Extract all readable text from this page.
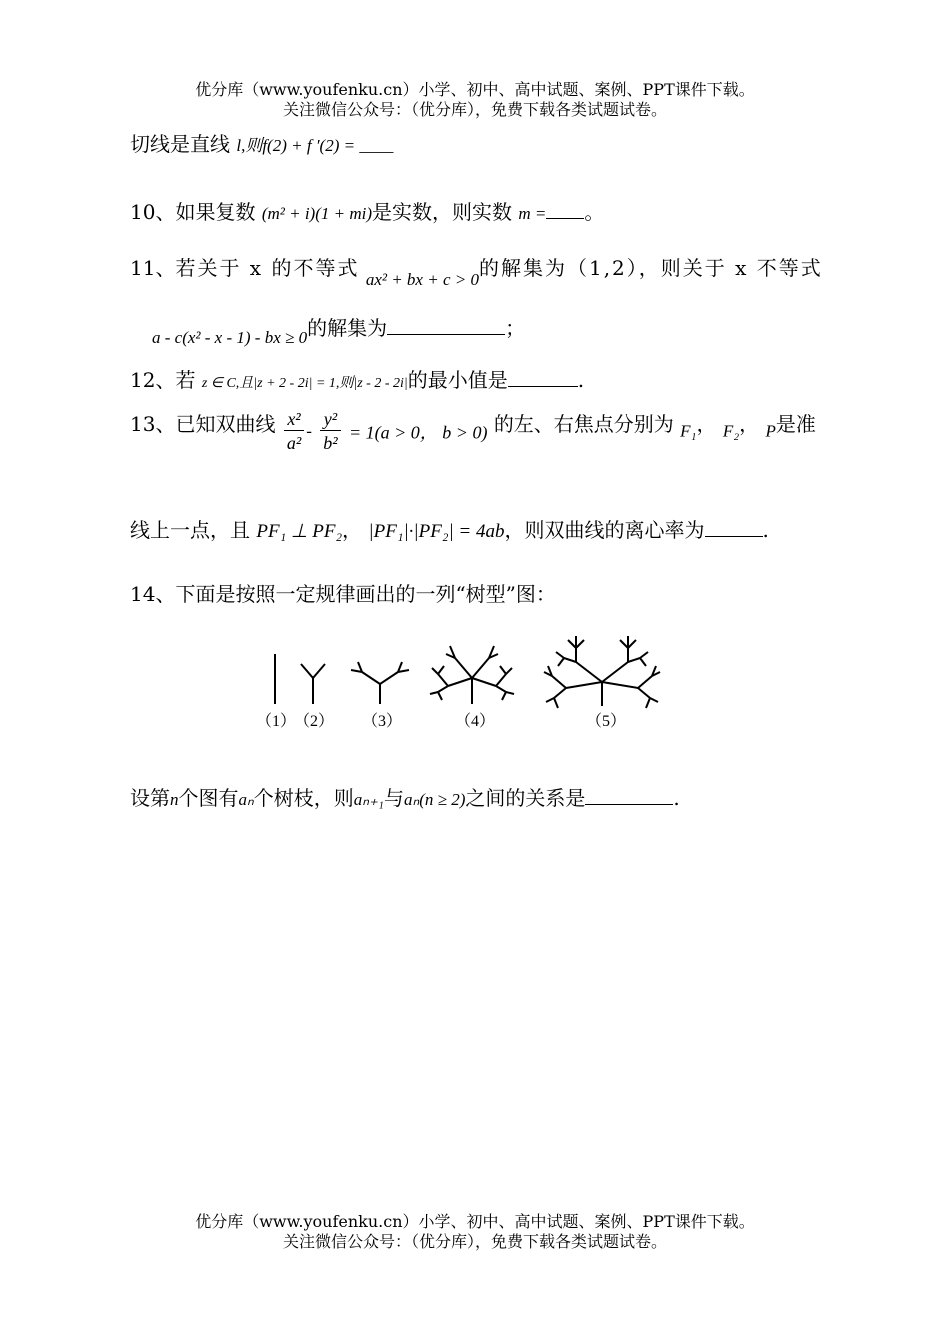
优分库（www.youfenku.cn）小学、初中、高中试题、案例、PPT课件下载。
关注微信公众号：（优分库），免费下载各类试题试卷。
切线是直线 l,则f(2) + f ′(2) = ____
10、如果复数 (m² + i)(1 + mi)是实数，则实数 m = 。
11、若关于 x 的不等式 $_{ax^2 + bx + c > 0}$的解集为（1,2），则关于 x 不等式
$_{a - c(x^2 - x - 1) - bx \ge 0}$的解集为	；
12、若 z ∈ C,且|z + 2 - 2i| = 1,则|z - 2 - 2i|的最小值是	.
13、已知双曲线 $\frac{\text{x²}}{\text{a²}} - \frac{\text{y²}}{\text{b²}} = 1(a > 0$， b > 0) 的左、右焦点分别为 F₁， F₂， P是准
线上一点，且 PF₁ ⊥ PF₂， |PF₁|·|PF₂| = 4ab，则双曲线的离心率为	.
14、下面是按照一定规律画出的一列“树型”图：
（1）
（2） （3）	（4）	（5）
设第n个图有aₙ个树枝，则aₙ₊₁与aₙ(n ≥ 2)之间的关系是	.
优分库（www.youfenku.cn）小学、初中、高中试题、案例、PPT课件下载。
关注微信公众号：（优分库），免费下载各类试题试卷。
